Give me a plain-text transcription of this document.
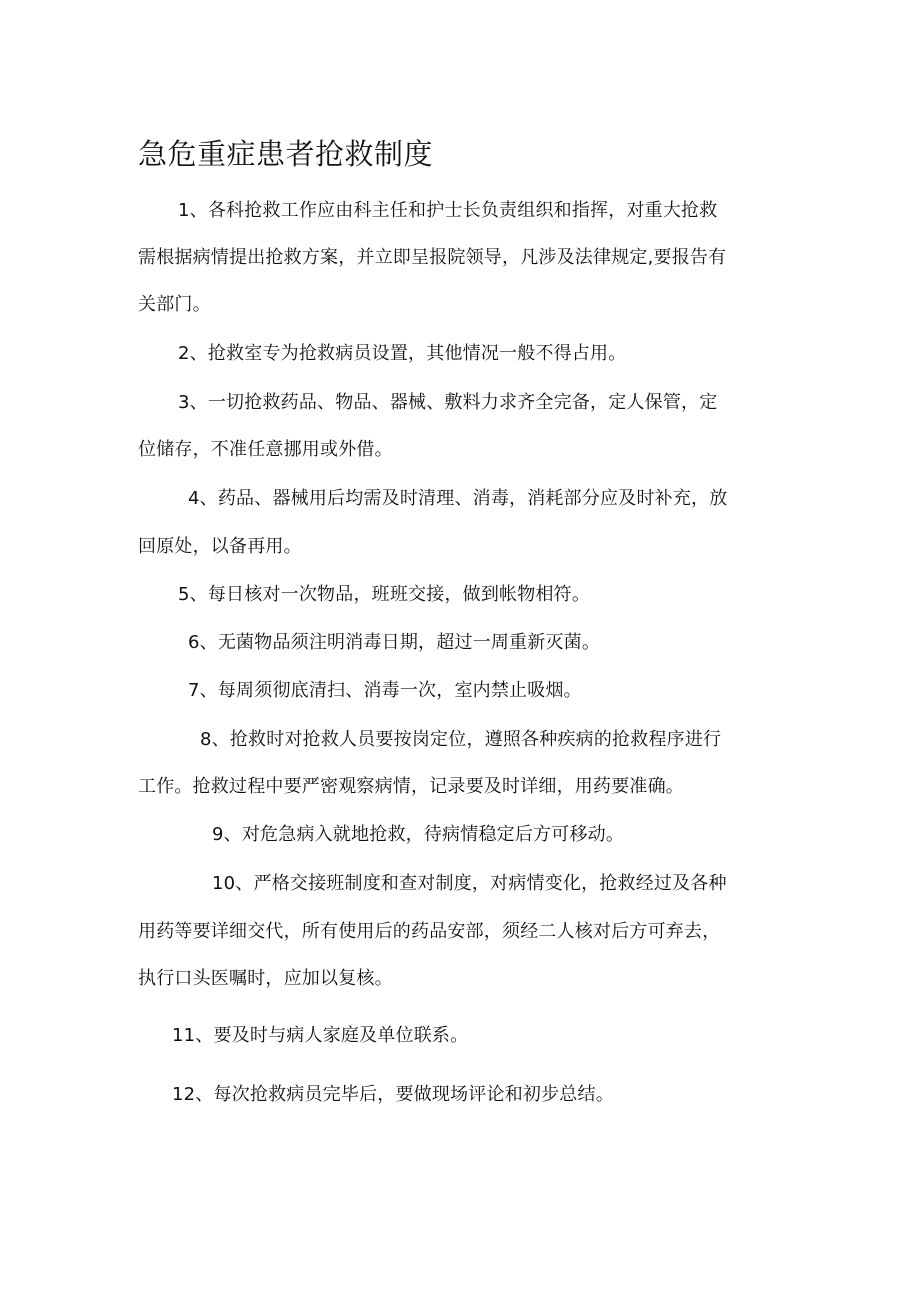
急危重症患者抢救制度
1、各科抢救工作应由科主任和护士长负责组织和指挥，对重大抢救
需根据病情提出抢救方案，并立即呈报院领导，凡涉及法律规定,要报告有
关部门。
2、抢救室专为抢救病员设置，其他情况一般不得占用。
3、一切抢救药品、物品、器械、敷料力求齐全完备，定人保管，定
位储存，不准任意挪用或外借。
4、药品、器械用后均需及时清理、消毒，消耗部分应及时补充，放
回原处，以备再用。
5、每日核对一次物品，班班交接，做到帐物相符。
6、无菌物品须注明消毒日期，超过一周重新灭菌。
7、每周须彻底清扫、消毒一次，室内禁止吸烟。
8、抢救时对抢救人员要按岗定位，遵照各种疾病的抢救程序进行
工作。抢救过程中要严密观察病情，记录要及时详细，用药要准确。
9、对危急病入就地抢救，待病情稳定后方可移动。
10、严格交接班制度和查对制度，对病情变化，抢救经过及各种
用药等要详细交代，所有使用后的药品安部，须经二人核对后方可弃去，
执行口头医嘱时，应加以复核。
11、要及时与病人家庭及单位联系。
12、每次抢救病员完毕后，要做现场评论和初步总结。
